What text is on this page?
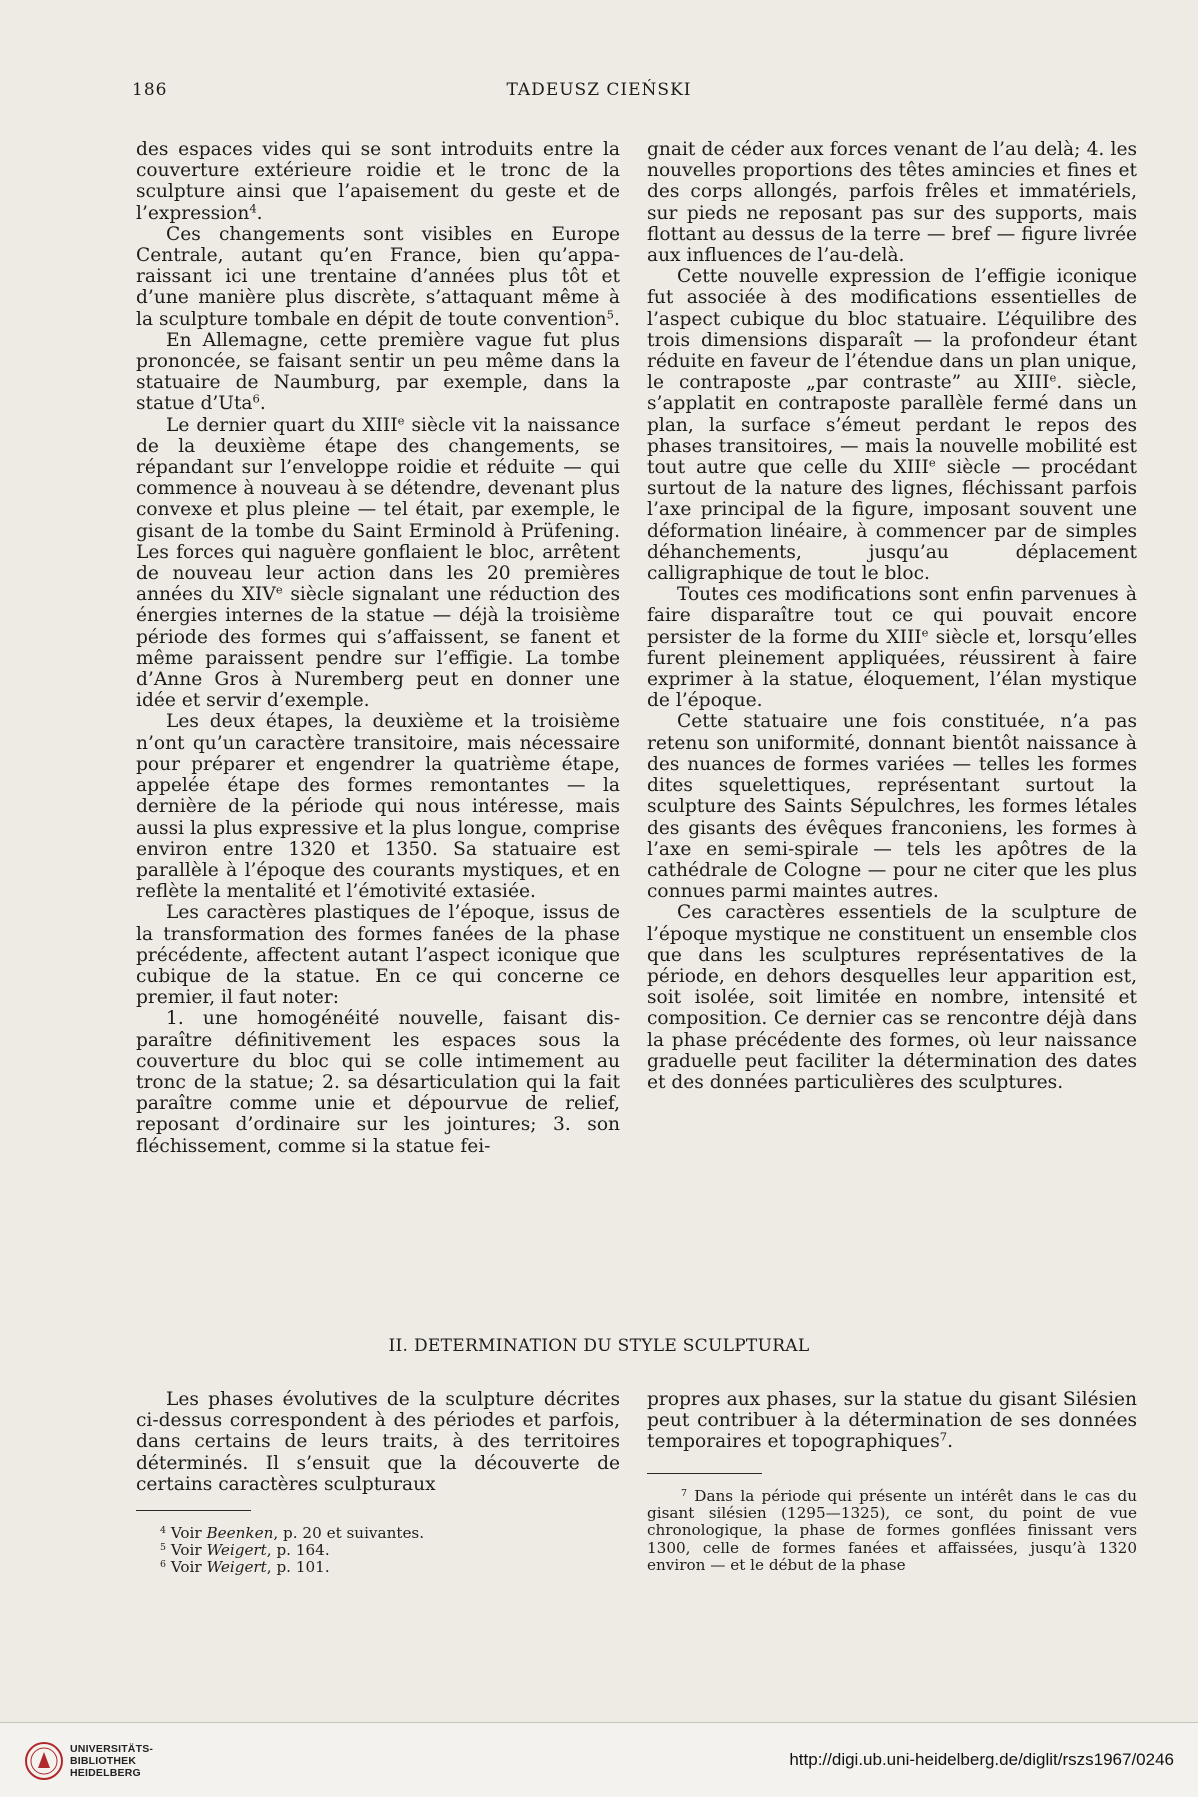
186	TADEUSZ CIEŃSKI

des espaces vides qui se sont introduits entre la couverture extérieure roidie et le tronc de la sculpture ainsi que l’apaisement du geste et de l’expression$^4$.

Ces changements sont visibles en Europe Centrale, autant qu’en France, bien qu’apparaissant ici une trentaine d’années plus tôt et d’une manière plus discrète, s’attaquant même à la sculpture tombale en dépit de toute convention$^5$.

En Allemagne, cette première vague fut plus prononcée, se faisant sentir un peu même dans la statuaire de Naumburg, par exemple, dans la statue d’Uta$^6$.

Le dernier quart du XIIIe siècle vit la naissance de la deuxième étape des changements, se répandant sur l’enveloppe roidie et réduite — qui commence à nouveau à se détendre, devenant plus convexe et plus pleine — tel était, par exemple, le gisant de la tombe du Saint Erminold à Prüfening. Les forces qui naguère gonflaient le bloc, arrêtent de nouveau leur action dans les 20 premières années du XIVe siècle signalant une réduction des énergies internes de la statue — déjà la troisième période des formes qui s’affaissent, se fanent et même paraissent pendre sur l’effigie. La tombe d’Anne Gros à Nuremberg peut en donner une idée et servir d’exemple.

Les deux étapes, la deuxième et la troisième n’ont qu’un caractère transitoire, mais nécessaire pour préparer et engendrer la quatrième étape, appelée étape des formes remontantes — la dernière de la période qui nous intéresse, mais aussi la plus expressive et la plus longue, comprise environ entre 1320 et 1350. Sa statuaire est parallèle à l’époque des courants mystiques, et en reflète la mentalité et l’émotivité extasiée.

Les caractères plastiques de l’époque, issus de la transformation des formes fanées de la phase précédente, affectent autant l’aspect iconique que cubique de la statue. En ce qui concerne ce premier, il faut noter:

1. une homogénéité nouvelle, faisant disparaître définitivement les espaces sous la couverture du bloc qui se colle intimement au tronc de la statue; 2. sa désarticulation qui la fait paraître comme unie et dépourvue de relief, reposant d’ordinaire sur les jointures; 3. son fléchissement, comme si la statue fei-

gnait de céder aux forces venant de l’au delà; 4. les nouvelles proportions des têtes amincies et fines et des corps allongés, parfois frêles et immatériels, sur pieds ne reposant pas sur des supports, mais flottant au dessus de la terre — bref — figure livrée aux influences de l’au-delà.

Cette nouvelle expression de l’effigie iconique fut associée à des modifications essentielles de l’aspect cubique du bloc statuaire. L’équilibre des trois dimensions disparaît — la profondeur étant réduite en faveur de l’étendue dans un plan unique, le contraposte „par contraste” au XIIIe. siècle, s’applatit en contraposte parallèle fermé dans un plan, la surface s’émeut perdant le repos des phases transitoires, — mais la nouvelle mobilité est tout autre que celle du XIIIe siècle — procédant surtout de la nature des lignes, fléchissant parfois l’axe principal de la figure, imposant souvent une déformation linéaire, à commencer par de simples déhanchements, jusqu’au déplacement calligraphique de tout le bloc.

Toutes ces modifications sont enfin parvenues à faire disparaître tout ce qui pouvait encore persister de la forme du XIIIe siècle et, lorsqu’elles furent pleinement appliquées, réussirent à faire exprimer à la statue, éloquement, l’élan mystique de l’époque.

Cette statuaire une fois constituée, n’a pas retenu son uniformité, donnant bientôt naissance à des nuances de formes variées — telles les formes dites squelettiques, représentant surtout la sculpture des Saints Sépulchres, les formes létales des gisants des évêques franconiens, les formes à l’axe en semi-spirale — tels les apôtres de la cathédrale de Cologne — pour ne citer que les plus connues parmi maintes autres.

Ces caractères essentiels de la sculpture de l’époque mystique ne constituent un ensemble clos que dans les sculptures représentatives de la période, en dehors desquelles leur apparition est, soit isolée, soit limitée en nombre, intensité et composition. Ce dernier cas se rencontre déjà dans la phase précédente des formes, où leur naissance graduelle peut faciliter la détermination des dates et des données particulières des sculptures.

II. DETERMINATION DU STYLE SCULPTURAL

Les phases évolutives de la sculpture décrites ci-dessus correspondent à des périodes et parfois, dans certains de leurs traits, à des territoires déterminés. Il s’ensuit que la découverte de certains caractères sculpturaux

propres aux phases, sur la statue du gisant Silésien peut contribuer à la détermination de ses données temporaires et topographiques$^7$.

$^4$ Voir Beenken, p. 20 et suivantes.
$^5$ Voir Weigert, p. 164.
$^6$ Voir Weigert, p. 101.

$^7$ Dans la période qui présente un intérêt dans le cas du gisant silésien (1295—1325), ce sont, du point de vue chronologique, la phase de formes gonflées finissant vers 1300, celle de formes fanées et affaissées, jusqu’à 1320 environ — et le début de la phase

UNIVERSITÄTS-
BIBLIOTHEK
HEIDELBERG
http://digi.ub.uni-heidelberg.de/diglit/rszs1967/0246
